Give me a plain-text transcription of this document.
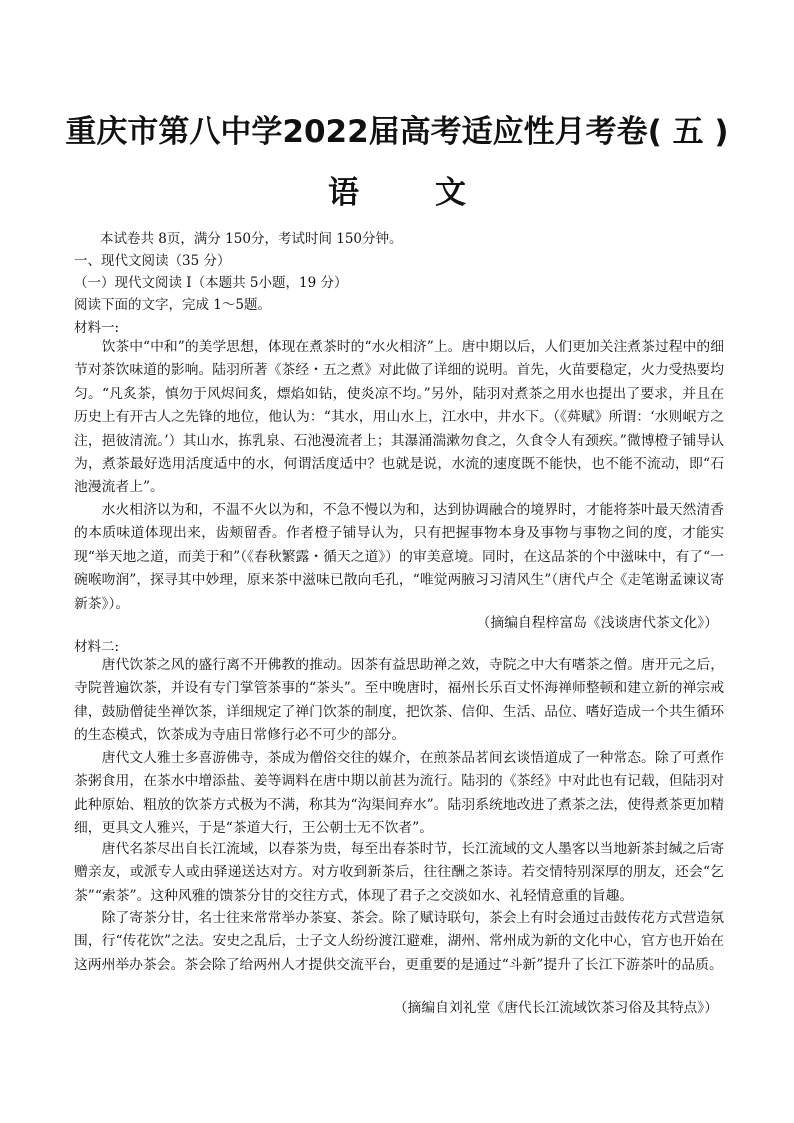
重庆市第八中学2022届高考适应性月考卷( 五 )
语文
本试卷共 8页，满分 150分，考试时间 150分钟。
一、现代文阅读（35 分）
（一）现代文阅读 I（本题共 5小题，19 分）
阅读下面的文字，完成 1～5题。
材料一:

饮茶中“中和”的美学思想，体现在煮茶时的“水火相济”上。唐中期以后，人们更加关注煮茶过程中的细节对茶饮味道的影响。陆羽所著《茶经・五之煮》对此做了详细的说明。首先，火苗要稳定，火力受热要均匀。“凡炙茶，慎勿于风烬间炙，熛焰如钻，使炎凉不均。”另外，陆羽对煮茶之用水也提出了要求，并且在历史上有开古人之先锋的地位，他认为：“其水，用山水上，江水中，井水下。（《荈赋》所谓：‘水则岷方之注，挹彼清流。’）其山水，拣乳泉、石池漫流者上；其瀑涌湍漱勿食之，久食令人有颈疾。”微博橙子铺导认为，煮茶最好选用活度适中的水，何谓活度适中？也就是说，水流的速度既不能快，也不能不流动，即“石池漫流者上”。

水火相济以为和，不温不火以为和，不急不慢以为和，达到协调融合的境界时，才能将茶叶最天然清香的本质味道体现出来，齿颊留香。作者橙子铺导认为，只有把握事物本身及事物与事物之间的度，才能实现“举天地之道，而美于和”（《春秋繁露・循天之道》）的审美意境。同时，在这品茶的个中滋味中，有了“一碗喉吻润”，探寻其中妙理，原来茶中滋味已散向毛孔，“唯觉两腋习习清风生”（唐代卢仝《走笔谢孟谏议寄新茶》）。

（摘编自程梓富岛《浅谈唐代茶文化》）
材料二:

唐代饮茶之风的盛行离不开佛教的推动。因茶有益思助禅之效，寺院之中大有嗜茶之僧。唐开元之后，寺院普遍饮茶，并设有专门掌管茶事的“茶头”。至中晚唐时，福州长乐百丈怀海禅师整顿和建立新的禅宗戒律，鼓励僧徒坐禅饮茶，详细规定了禅门饮茶的制度，把饮茶、信仰、生活、品位、嗜好造成一个共生循环的生态模式，饮茶成为寺庙日常修行必不可少的部分。

唐代文人雅士多喜游佛寺，茶成为僧俗交往的媒介，在煎茶品茗间玄谈悟道成了一种常态。除了可煮作茶粥食用，在茶水中增添盐、姜等调料在唐中期以前甚为流行。陆羽的《茶经》中对此也有记载，但陆羽对此种原始、粗放的饮茶方式极为不满，称其为“沟渠间弃水”。陆羽系统地改进了煮茶之法，使得煮茶更加精细，更具文人雅兴，于是“茶道大行，王公朝士无不饮者”。

唐代名茶尽出自长江流域，以春茶为贵，每至出春茶时节，长江流域的文人墨客以当地新茶封缄之后寄赠亲友，或派专人或由驿递送达对方。对方收到新茶后，往往酬之茶诗。若交情特别深厚的朋友，还会“乞茶”“索茶”。这种风雅的馈茶分甘的交往方式，体现了君子之交淡如水、礼轻情意重的旨趣。

除了寄茶分甘，名士往来常常举办茶宴、茶会。除了赋诗联句，茶会上有时会通过击鼓传花方式营造氛围，行“传花饮”之法。安史之乱后，士子文人纷纷渡江避难，湖州、常州成为新的文化中心，官方也开始在这两州举办茶会。茶会除了给两州人才提供交流平台，更重要的是通过“斗新”提升了长江下游茶叶的品质。

（摘编自刘礼堂《唐代长江流域饮茶习俗及其特点》）
